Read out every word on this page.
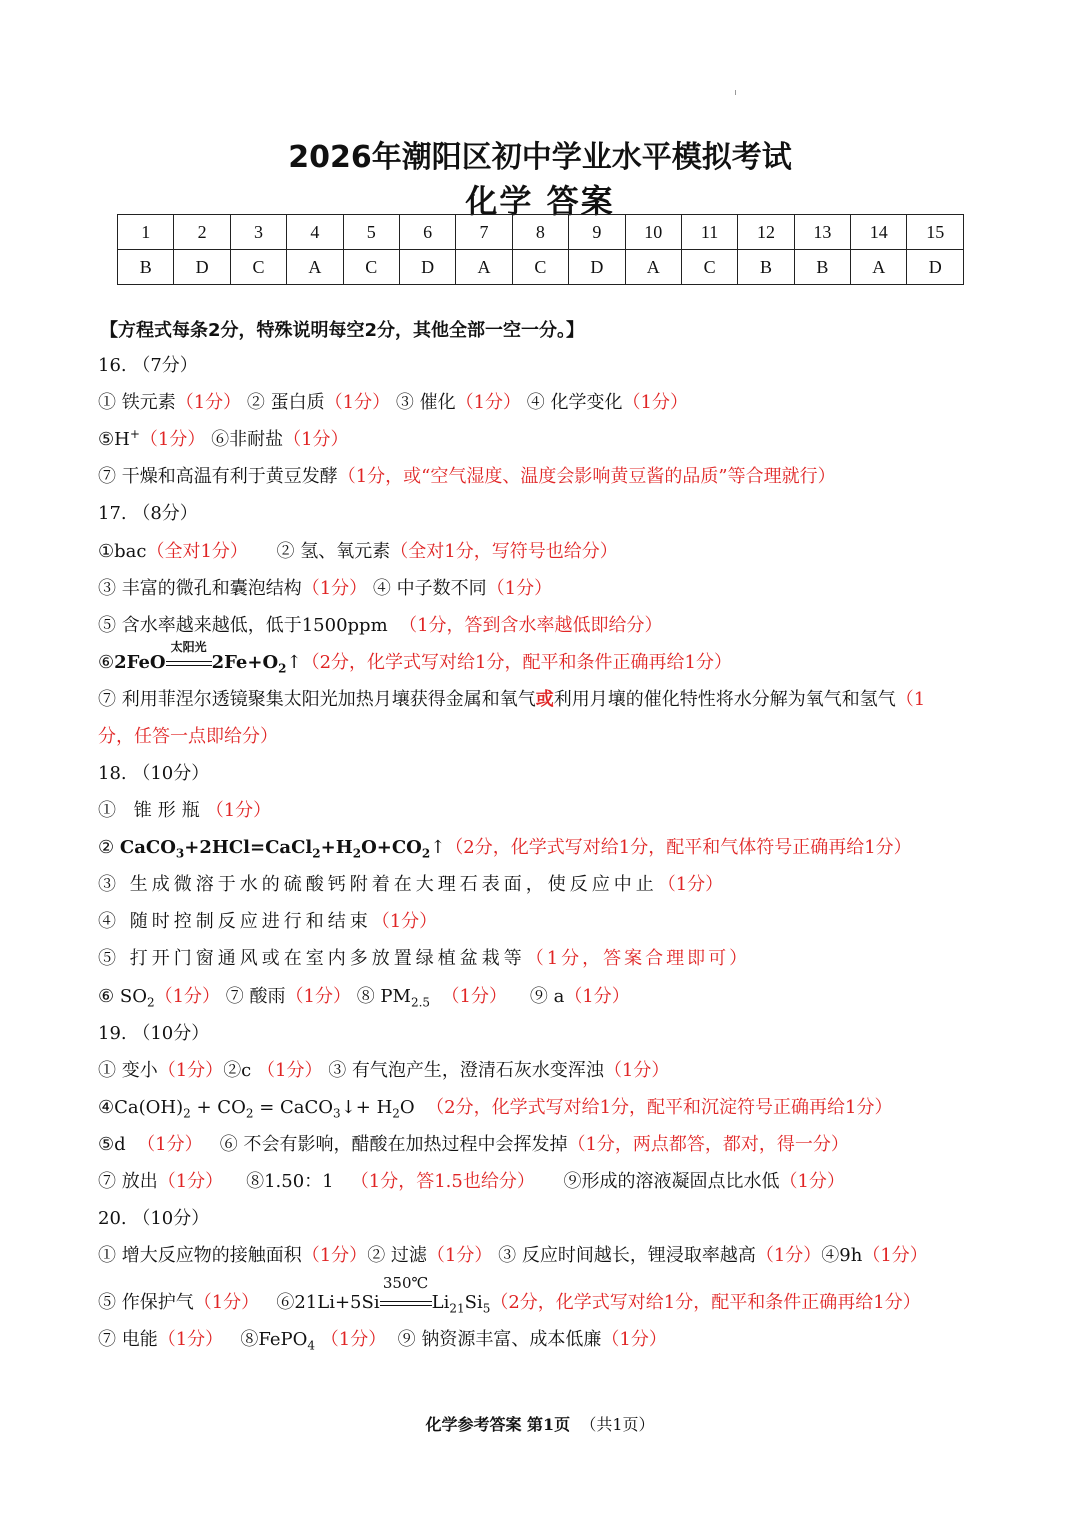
2026年潮阳区初中学业水平模拟考试
化学 答案
1	2	3	4	5	6	7	8	9	10	11	12	13	14	15
B	D	C	A	C	D	A	C	D	A	C	B	B	A	D
【方程式每条2分，特殊说明每空2分，其他全部一空一分。】
16. （7分）
① 铁元素（1分） ② 蛋白质（1分） ③ 催化（1分） ④ 化学变化（1分）
⑤H+（1分） ⑥非耐盐（1分）
⑦ 干燥和高温有利于黄豆发酵（1分，或“空气湿度、温度会影响黄豆酱的品质”等合理就行）
17. （8分）
①bac（全对1分） ② 氢、氧元素（全对1分，写符号也给分）
③ 丰富的微孔和囊泡结构（1分） ④ 中子数不同（1分）
⑤ 含水率越来越低，低于1500ppm （1分，答到含水率越低即给分）
⑥2FeO
太阳光
$2Fe+O_2↑(2$分，化学式写对给1分，配平和条件正确再给1分）
⑦ 利用菲涅尔透镜聚集太阳光加热月壤获得金属和氧气或利用月壤的催化特性将水分解为氧气和氢气（1
分，任答一点即给分）
18. （10分）
① 锥形瓶（1分）
② $CaCO_3+2HCl=CaCl_2+H_2O+CO_2↑(2$分，化学式写对给1分，配平和气体符号正确再给1分）
③ 生成微溶于水的硫酸钙附着在大理石表面，使反应中止（1分）
④ 随时控制反应进行和结束（1分）
⑤ 打开门窗通风或在室内多放置绿植盆栽等（1分，答案合理即可）
⑥ $SO_2(1$分） ⑦ 酸雨（1分） ⑧ $PM_{2.5}$ （1分） ⑨ a（1分）
19. （10分）
① 变小（1分）②c （1分） ③ 有气泡产生，澄清石灰水变浑浊（1分）
$④Ca(OH)_2 + CO_2$ = CaCO$_3$↓+ $H_2O$ （2分，化学式写对给1分，配平和沉淀符号正确再给1分）
⑤d （1分） ⑥ 不会有影响，醋酸在加热过程中会挥发掉（1分，两点都答，都对，得一分）
⑦ 放出（1分） ⑧1.50：1 （1分，答1.5也给分） ⑨形成的溶液凝固点比水低（1分）
20. （10分）
① 增大反应物的接触面积（1分）② 过滤（1分） ③ 反应时间越长，锂浸取率越高（1分）④9h（1分）
⑤ 作保护气（1分） ⑥21Li+5Si
350℃
$Li_{21}Si_5(2$分，化学式写对给1分，配平和条件正确再给1分）
⑦ 电能（1分） ⑧FePO$_4$ （1分） ⑨ 钠资源丰富、成本低廉（1分）
化学参考答案 第1页 （共1页）
